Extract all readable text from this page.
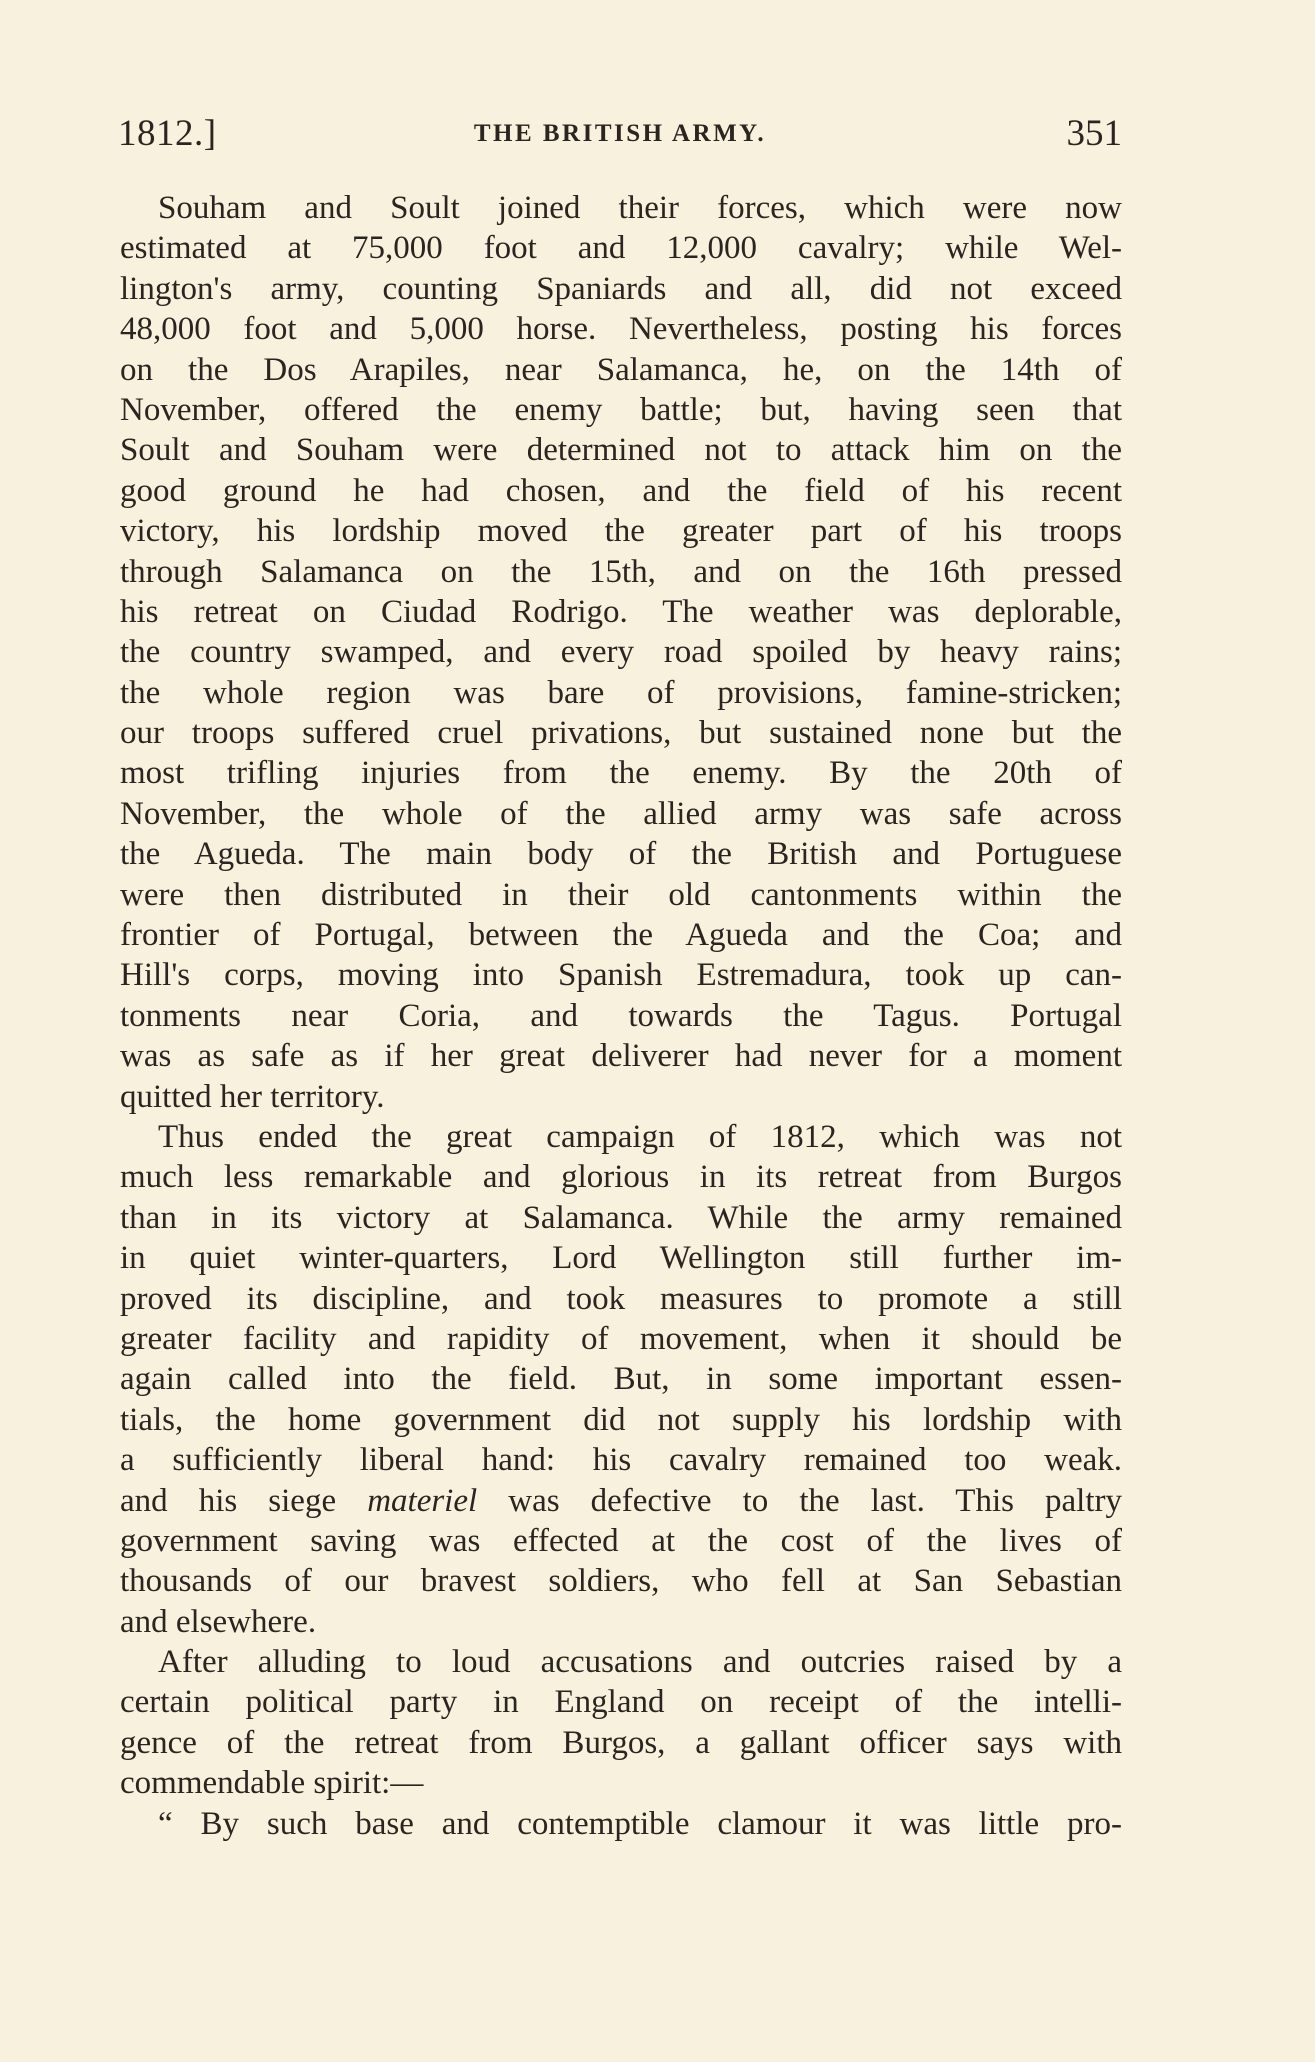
1812.]	THE BRITISH ARMY.	351
Souham and Soult joined their forces, which were now
estimated at 75,000 foot and 12,000 cavalry; while Wel-
lington's army, counting Spaniards and all, did not exceed
48,000 foot and 5,000 horse. Nevertheless, posting his forces
on the Dos Arapiles, near Salamanca, he, on the 14th of
November, offered the enemy battle; but, having seen that
Soult and Souham were determined not to attack him on the
good ground he had chosen, and the field of his recent
victory, his lordship moved the greater part of his troops
through Salamanca on the 15th, and on the 16th pressed
his retreat on Ciudad Rodrigo. The weather was deplorable,
the country swamped, and every road spoiled by heavy rains;
the whole region was bare of provisions, famine-stricken;
our troops suffered cruel privations, but sustained none but the
most trifling injuries from the enemy. By the 20th of
November, the whole of the allied army was safe across
the Agueda. The main body of the British and Portuguese
were then distributed in their old cantonments within the
frontier of Portugal, between the Agueda and the Coa; and
Hill's corps, moving into Spanish Estremadura, took up can-
tonments near Coria, and towards the Tagus. Portugal
was as safe as if her great deliverer had never for a moment
quitted her territory.
Thus ended the great campaign of 1812, which was not
much less remarkable and glorious in its retreat from Burgos
than in its victory at Salamanca. While the army remained
in quiet winter-quarters, Lord Wellington still further im-
proved its discipline, and took measures to promote a still
greater facility and rapidity of movement, when it should be
again called into the field. But, in some important essen-
tials, the home government did not supply his lordship with
a sufficiently liberal hand: his cavalry remained too weak.
and his siege materiel was defective to the last. This paltry
government saving was effected at the cost of the lives of
thousands of our bravest soldiers, who fell at San Sebastian
and elsewhere.
After alluding to loud accusations and outcries raised by a
certain political party in England on receipt of the intelli-
gence of the retreat from Burgos, a gallant officer says with
commendable spirit:—
“ By such base and contemptible clamour it was little pro-
